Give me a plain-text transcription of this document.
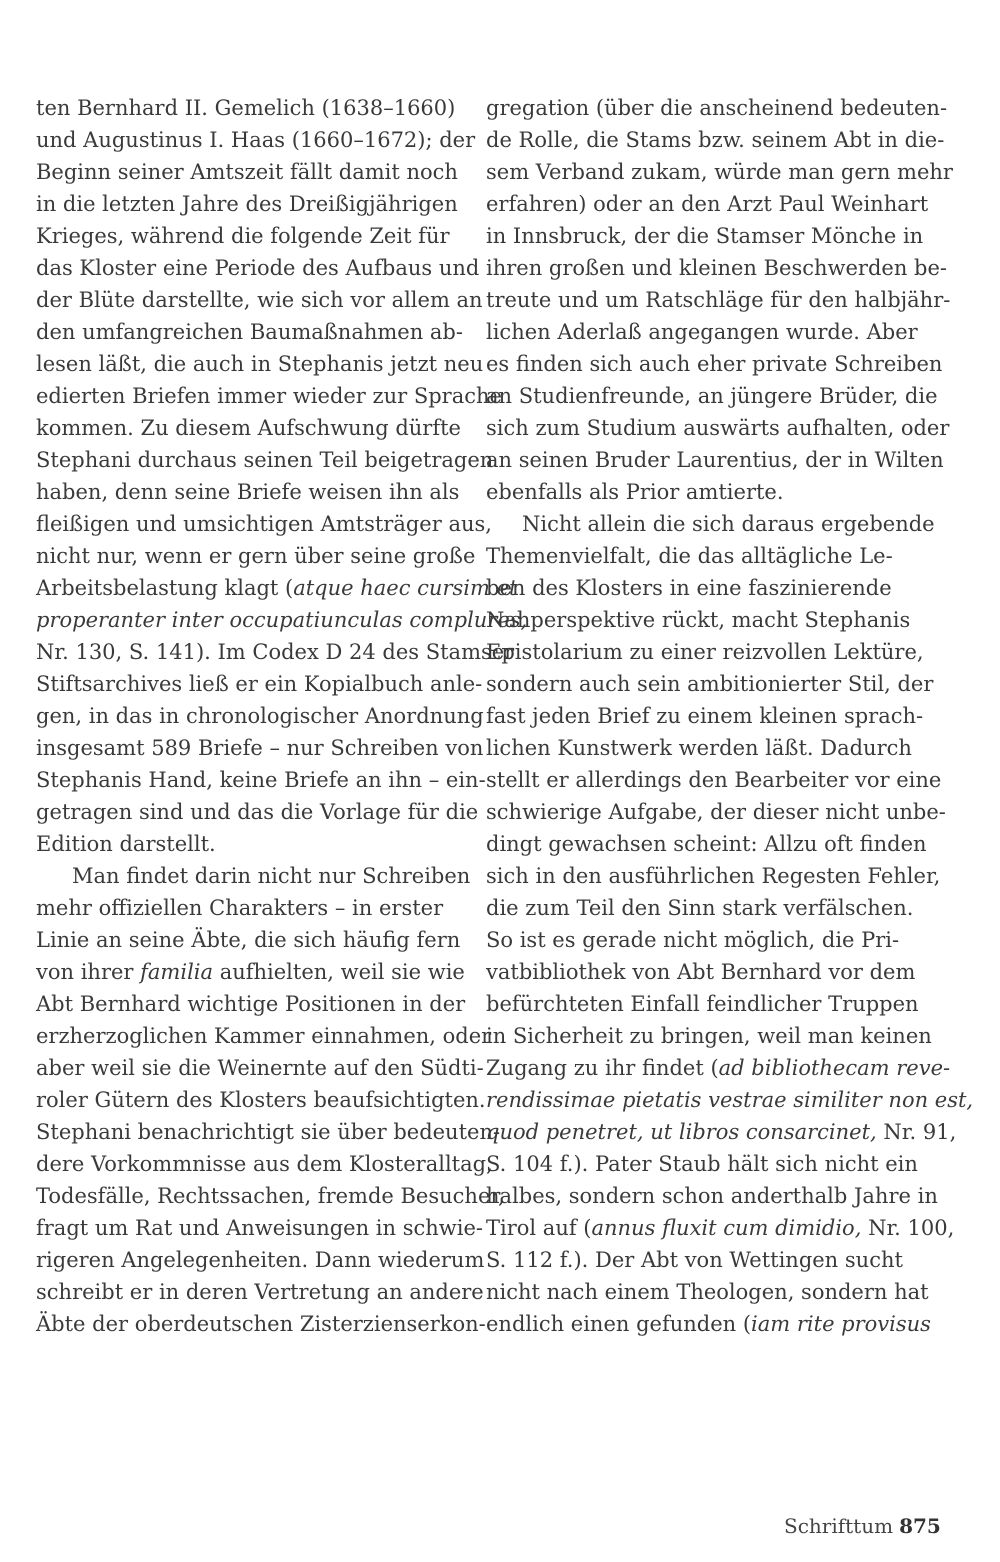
ten Bernhard II. Gemelich (1638–1660)
und Augustinus I. Haas (1660–1672); der
Beginn seiner Amtszeit fällt damit noch
in die letzten Jahre des Dreißigjährigen
Krieges, während die folgende Zeit für
das Kloster eine Periode des Aufbaus und
der Blüte darstellte, wie sich vor allem an
den umfangreichen Baumaßnahmen ab-
lesen läßt, die auch in Stephanis jetzt neu
edierten Briefen immer wieder zur Sprache
kommen. Zu diesem Aufschwung dürfte
Stephani durchaus seinen Teil beigetragen
haben, denn seine Briefe weisen ihn als
fleißigen und umsichtigen Amtsträger aus,
nicht nur, wenn er gern über seine große
Arbeitsbelastung klagt (atque haec cursim et
properanter inter occupatiunculas complures,
Nr. 130, S. 141). Im Codex D 24 des Stamser
Stiftsarchives ließ er ein Kopialbuch anle-
gen, in das in chronologischer Anordnung
insgesamt 589 Briefe – nur Schreiben von
Stephanis Hand, keine Briefe an ihn – ein-
getragen sind und das die Vorlage für die
Edition darstellt.
Man findet darin nicht nur Schreiben
mehr offiziellen Charakters – in erster
Linie an seine Äbte, die sich häufig fern
von ihrer familia aufhielten, weil sie wie
Abt Bernhard wichtige Positionen in der
erzherzoglichen Kammer einnahmen, oder
aber weil sie die Weinernte auf den Südti-
roler Gütern des Klosters beaufsichtigten.
Stephani benachrichtigt sie über bedeuten-
dere Vorkommnisse aus dem Klosteralltag,
Todesfälle, Rechtssachen, fremde Besucher,
fragt um Rat und Anweisungen in schwie-
rigeren Angelegenheiten. Dann wiederum
schreibt er in deren Vertretung an andere
Äbte der oberdeutschen Zisterzienserkon-
gregation (über die anscheinend bedeuten-
de Rolle, die Stams bzw. seinem Abt in die-
sem Verband zukam, würde man gern mehr
erfahren) oder an den Arzt Paul Weinhart
in Innsbruck, der die Stamser Mönche in
ihren großen und kleinen Beschwerden be-
treute und um Ratschläge für den halbjähr-
lichen Aderlaß angegangen wurde. Aber
es finden sich auch eher private Schreiben
an Studienfreunde, an jüngere Brüder, die
sich zum Studium auswärts aufhalten, oder
an seinen Bruder Laurentius, der in Wilten
ebenfalls als Prior amtierte.
Nicht allein die sich daraus ergebende
Themenvielfalt, die das alltägliche Le-
ben des Klosters in eine faszinierende
Nahperspektive rückt, macht Stephanis
Epistolarium zu einer reizvollen Lektüre,
sondern auch sein ambitionierter Stil, der
fast jeden Brief zu einem kleinen sprach-
lichen Kunstwerk werden läßt. Dadurch
stellt er allerdings den Bearbeiter vor eine
schwierige Aufgabe, der dieser nicht unbe-
dingt gewachsen scheint: Allzu oft finden
sich in den ausführlichen Regesten Fehler,
die zum Teil den Sinn stark verfälschen.
So ist es gerade nicht möglich, die Pri-
vatbibliothek von Abt Bernhard vor dem
befürchteten Einfall feindlicher Truppen
in Sicherheit zu bringen, weil man keinen
Zugang zu ihr findet (ad bibliothecam reve-
rendissimae pietatis vestrae similiter non est,
quod penetret, ut libros consarcinet, Nr. 91,
S. 104 f.). Pater Staub hält sich nicht ein
halbes, sondern schon anderthalb Jahre in
Tirol auf (annus fluxit cum dimidio, Nr. 100,
S. 112 f.). Der Abt von Wettingen sucht
nicht nach einem Theologen, sondern hat
endlich einen gefunden (iam rite provisus
Schrifttum 875
